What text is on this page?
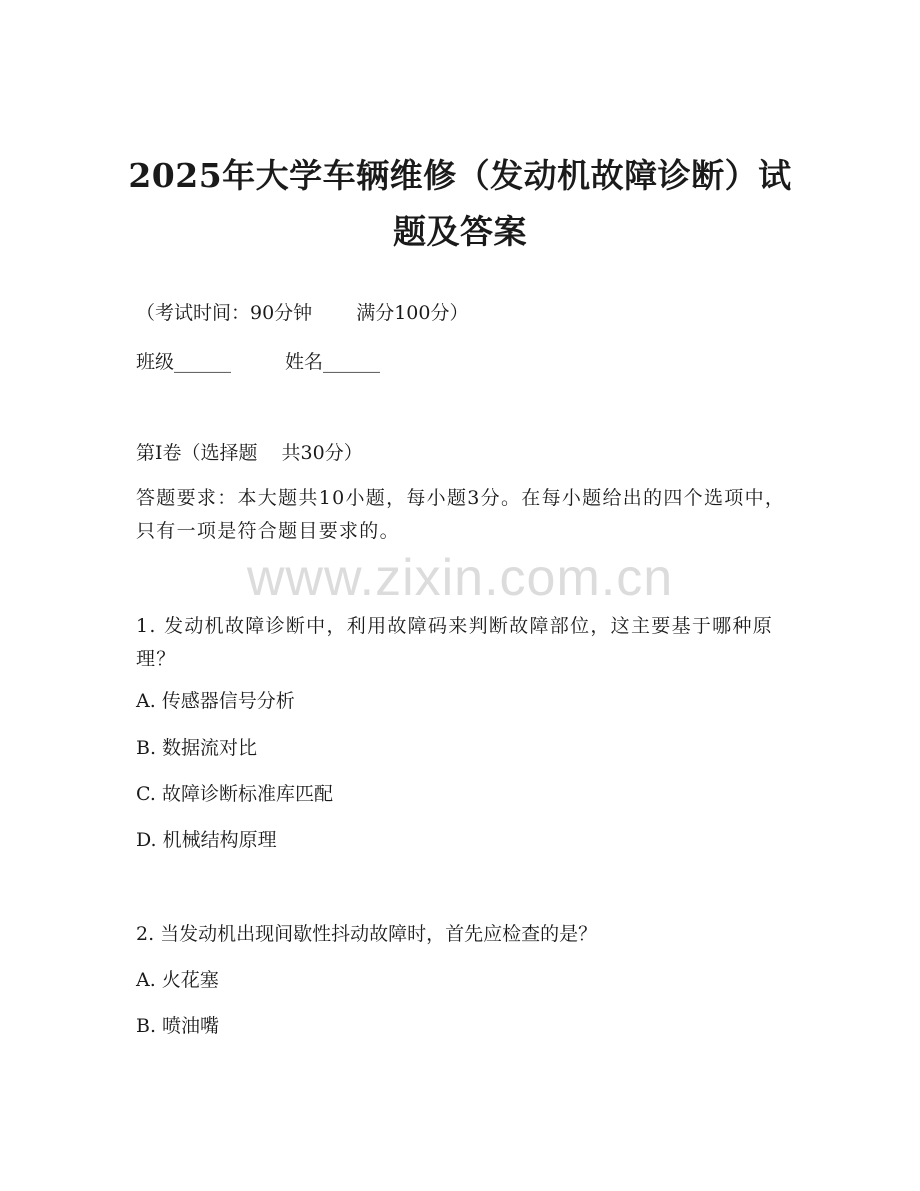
2025年大学车辆维修（发动机故障诊断）试题及答案
（考试时间：90分钟 满分100分）
班级______	姓名______
第I卷（选择题 共30分）
答题要求：本大题共10小题，每小题3分。在每小题给出的四个选项中，只有一项是符合题目要求的。
www.zixin.com.cn
1. 发动机故障诊断中，利用故障码来判断故障部位，这主要基于哪种原理？
A. 传感器信号分析
B. 数据流对比
C. 故障诊断标准库匹配
D. 机械结构原理
2. 当发动机出现间歇性抖动故障时，首先应检查的是？
A. 火花塞
B. 喷油嘴
